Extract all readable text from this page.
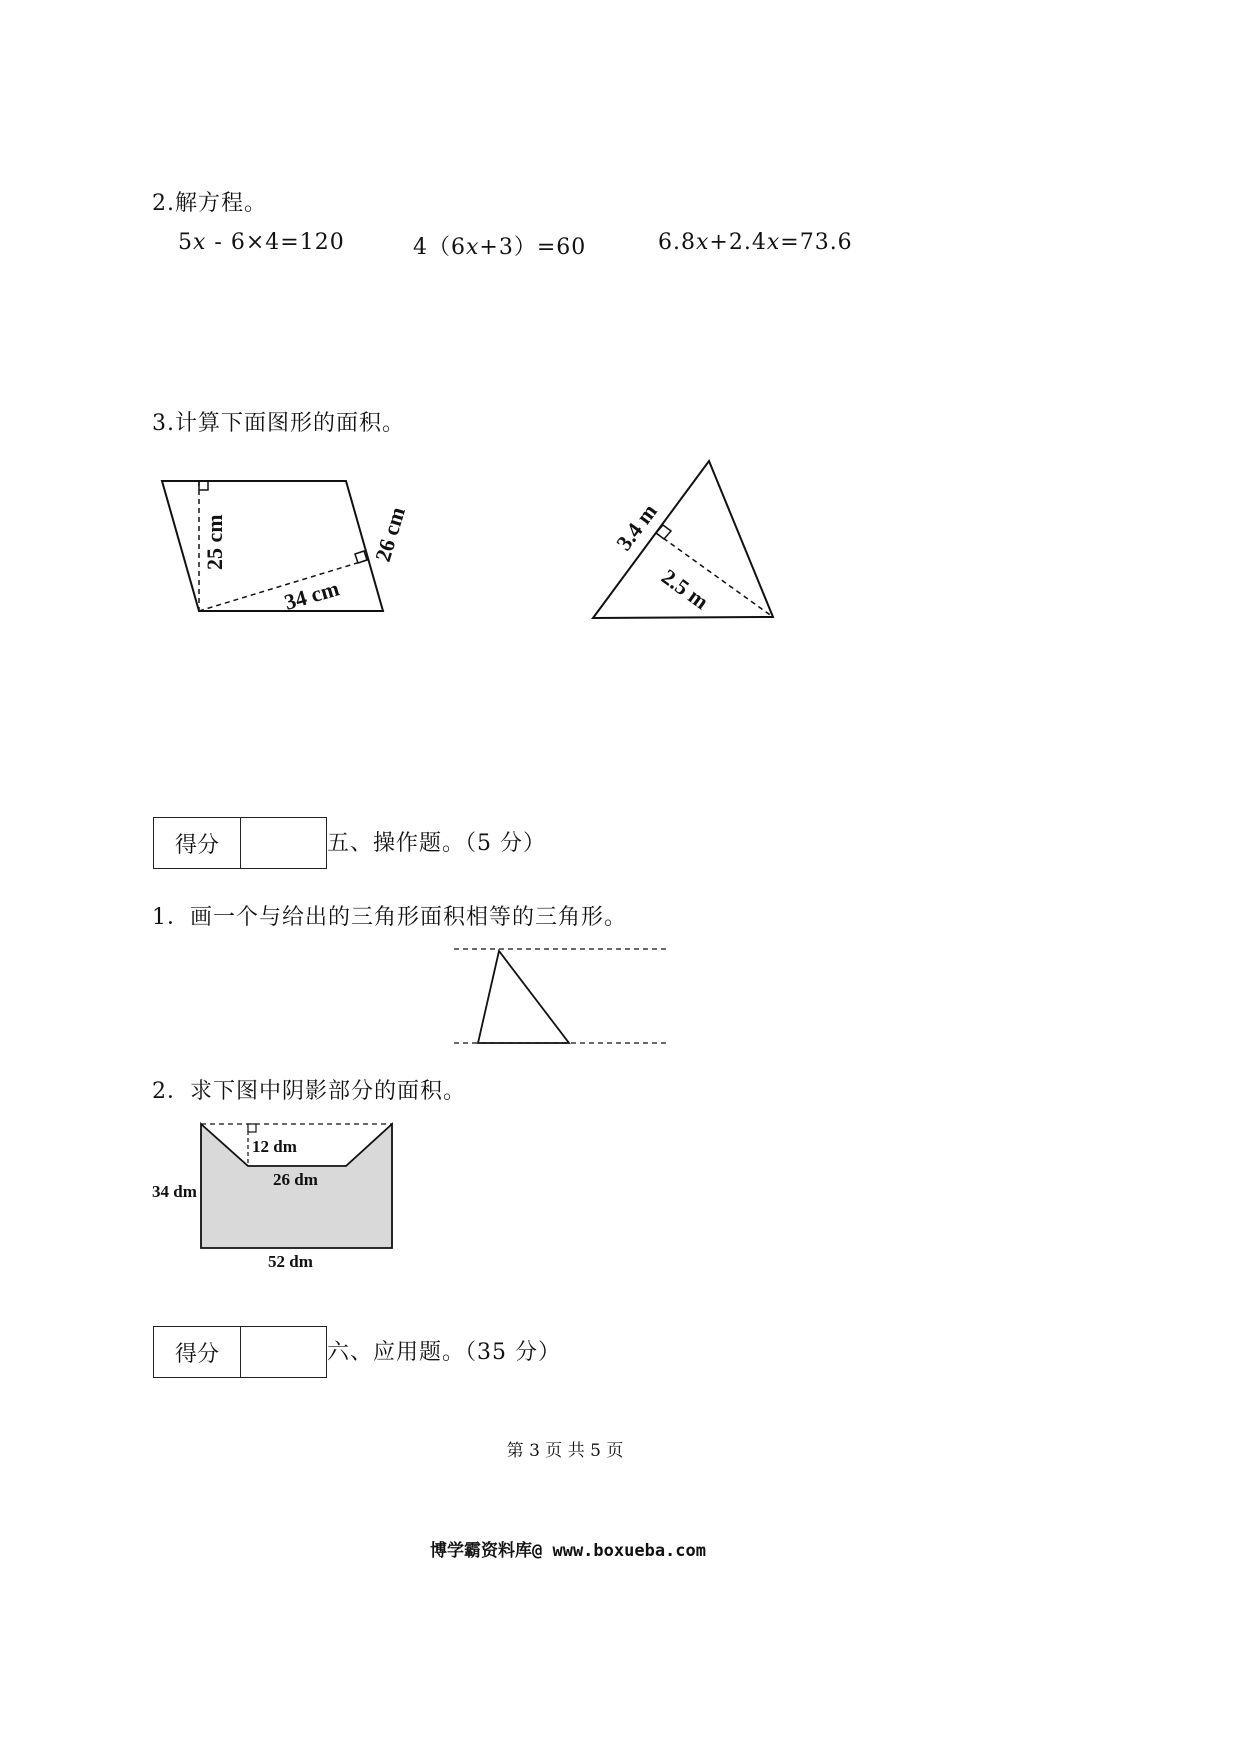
2.解方程。
5x - 6×4=120	4（6x+3）=60	6.8x+2.4x=73.6
3.计算下面图形的面积。
25 cm	26 cm
34 cm
3.4 m
2.5 m
得分	五、操作题。（5 分）
1．画一个与给出的三角形面积相等的三角形。
2．求下图中阴影部分的面积。
12 dm
26 dm
34 dm
52 dm
得分	六、应用题。（35 分）
第 3 页 共 5 页
博学霸资料库@ www.boxueba.com
